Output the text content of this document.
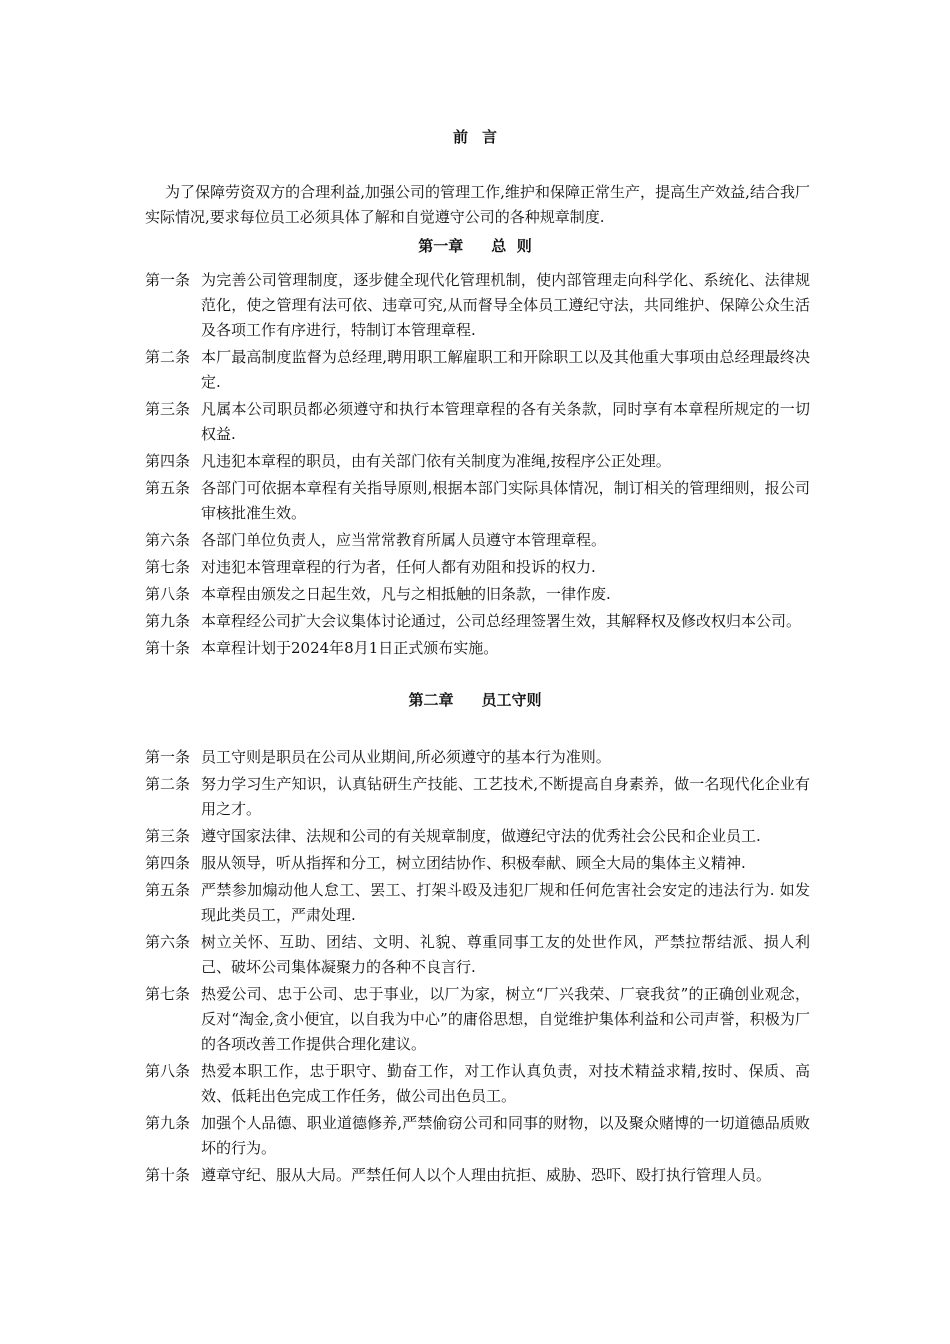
前言

为了保障劳资双方的合理利益,加强公司的管理工作,维护和保障正常生产，提高生产效益,结合我厂实际情况,要求每位员工必须具体了解和自觉遵守公司的各种规章制度.

第一章 总  则
第一条 为完善公司管理制度，逐步健全现代化管理机制，使内部管理走向科学化、系统化、法律规范化，使之管理有法可依、违章可究,从而督导全体员工遵纪守法，共同维护、保障公众生活及各项工作有序进行，特制订本管理章程.
第二条 本厂最高制度监督为总经理,聘用职工解雇职工和开除职工以及其他重大事项由总经理最终决定.
第三条 凡属本公司职员都必须遵守和执行本管理章程的各有关条款，同时享有本章程所规定的一切权益.
第四条 凡违犯本章程的职员，由有关部门依有关制度为准绳,按程序公正处理。
第五条 各部门可依据本章程有关指导原则,根据本部门实际具体情况，制订相关的管理细则，报公司审核批准生效。
第六条 各部门单位负责人，应当常常教育所属人员遵守本管理章程。
第七条 对违犯本管理章程的行为者，任何人都有劝阻和投诉的权力.
第八条 本章程由颁发之日起生效，凡与之相抵触的旧条款，一律作废.
第九条 本章程经公司扩大会议集体讨论通过，公司总经理签署生效，其解释权及修改权归本公司。
第十条 本章程计划于2024年8月1日正式颁布实施。
第二章 员工守则
第一条 员工守则是职员在公司从业期间,所必须遵守的基本行为准则。
第二条 努力学习生产知识，认真钻研生产技能、工艺技术,不断提高自身素养，做一名现代化企业有用之才。
第三条 遵守国家法律、法规和公司的有关规章制度，做遵纪守法的优秀社会公民和企业员工.
第四条 服从领导，听从指挥和分工，树立团结协作、积极奉献、顾全大局的集体主义精神.
第五条 严禁参加煽动他人怠工、罢工、打架斗殴及违犯厂规和任何危害社会安定的违法行为. 如发现此类员工，严肃处理.
第六条 树立关怀、互助、团结、文明、礼貌、尊重同事工友的处世作风，严禁拉帮结派、损人利己、破坏公司集体凝聚力的各种不良言行.
第七条 热爱公司、忠于公司、忠于事业，以厂为家，树立“厂兴我荣、厂衰我贫”的正确创业观念，反对“淘金,贪小便宜，以自我为中心”的庸俗思想，自觉维护集体利益和公司声誉，积极为厂的各项改善工作提供合理化建议。
第八条 热爱本职工作，忠于职守、勤奋工作，对工作认真负责，对技术精益求精,按时、保质、高效、低耗出色完成工作任务，做公司出色员工。
第九条 加强个人品德、职业道德修养,严禁偷窃公司和同事的财物，以及聚众赌博的一切道德品质败坏的行为。
第十条 遵章守纪、服从大局。严禁任何人以个人理由抗拒、威胁、恐吓、殴打执行管理人员。
